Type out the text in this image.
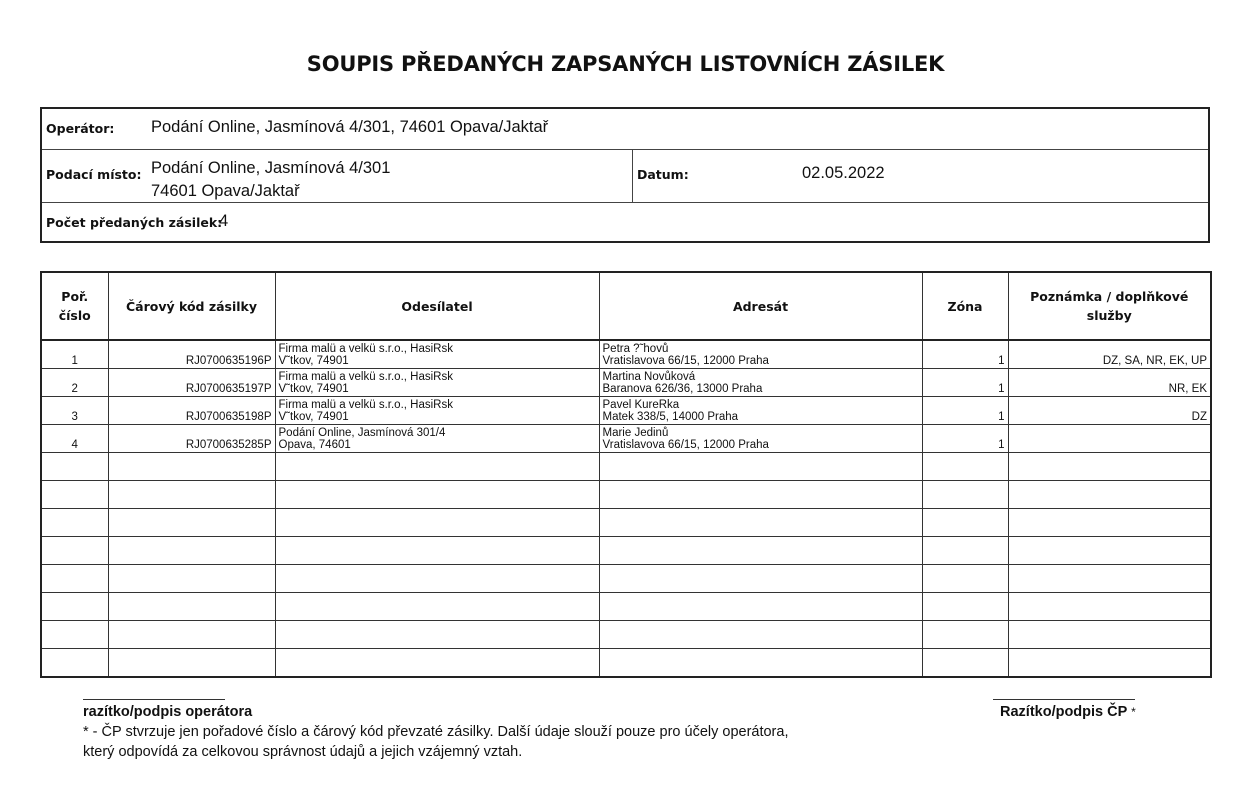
SOUPIS PŘEDANÝCH ZAPSANÝCH LISTOVNÍCH ZÁSILEK
Operátor: Podání Online, Jasmínová 4/301, 74601 Opava/Jaktař
Podací místo: Podání Online, Jasmínová 4/301
74601 Opava/Jaktař
Datum:	02.05.2022
Počet předaných zásilek:
4
Poř. číslo	Čárový kód zásilky	Odesílatel	Adresát	Zóna	Poznámka / doplňkové služby
1	RJ0700635196P	Firma malü a velkü s.r.o., HasiRsk
V˜tkov, 74901	Petra ?˜hovů
Vratislavova 66/15, 12000 Praha	1	DZ, SA, NR, EK, UP
2	RJ0700635197P	Firma malü a velkü s.r.o., HasiRsk
V˜tkov, 74901	Martina Novůková
Baranova 626/36, 13000 Praha	1	NR, EK
3	RJ0700635198P	Firma malü a velkü s.r.o., HasiRsk
V˜tkov, 74901	Pavel KureRka
Matek 338/5, 14000 Praha	1	DZ
4	RJ0700635285P	Podání Online, Jasmínová 301/4
Opava, 74601	Marie Jedinů
Vratislavova 66/15, 12000 Praha	1	

razítko/podpis operátora	Razítko/podpis ČP *
* - ČP stvrzuje jen pořadové číslo a čárový kód převzaté zásilky. Další údaje slouží pouze pro účely operátora,
který odpovídá za celkovou správnost údajů a jejich vzájemný vztah.
